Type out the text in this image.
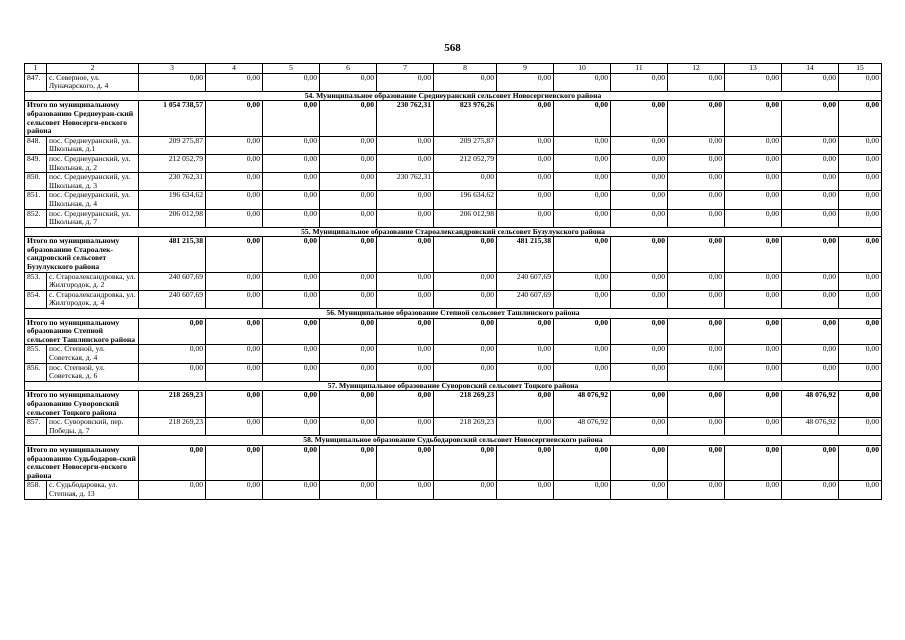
568
1	2	3	4	5	6	7	8	9	10	11	12	13	14	15
847.	с. Северное, ул. Луначарского, д. 4	0,00	0,00	0,00	0,00	0,00	0,00	0,00	0,00	0,00	0,00	0,00	0,00	0,00
54. Муниципальное образование Среднеуранский сельсовет Новосергиевского района														
Итого по муниципальному образованию Среднеуран-ский сельсовет Новосерги-евского района		1 054 738,57	0,00	0,00	0,00	230 762,31	823 976,26	0,00	0,00	0,00	0,00	0,00	0,00	0,00
848.	пос. Среднеуранский, ул. Школьная, д.1	209 275,87	0,00	0,00	0,00	0,00	209 275,87	0,00	0,00	0,00	0,00	0,00	0,00	0,00
849.	пос. Среднеуранский, ул. Школьная, д. 2	212 052,79	0,00	0,00	0,00	0,00	212 052,79	0,00	0,00	0,00	0,00	0,00	0,00	0,00
850.	пос. Среднеуранский, ул. Школьная, д. 3	230 762,31	0,00	0,00	0,00	230 762,31	0,00	0,00	0,00	0,00	0,00	0,00	0,00	0,00
851.	пос. Среднеуранский, ул. Школьная, д. 4	196 634,62	0,00	0,00	0,00	0,00	196 634,62	0,00	0,00	0,00	0,00	0,00	0,00	0,00
852.	пос. Среднеуранский, ул. Школьная, д. 7	206 012,98	0,00	0,00	0,00	0,00	206 012,98	0,00	0,00	0,00	0,00	0,00	0,00	0,00
55. Муниципальное образование Староалександровский сельсовет Бузулукского района														
Итого по муниципальному образованию Староалек-сандровский сельсовет Бузулукского района		481 215,38	0,00	0,00	0,00	0,00	0,00	481 215,38	0,00	0,00	0,00	0,00	0,00	0,00
853.	с. Староалександровка, ул. Жилгородок, д. 2	240 607,69	0,00	0,00	0,00	0,00	0,00	240 607,69	0,00	0,00	0,00	0,00	0,00	0,00
854.	с. Староалександровка, ул. Жилгородок, д. 4	240 607,69	0,00	0,00	0,00	0,00	0,00	240 607,69	0,00	0,00	0,00	0,00	0,00	0,00
56. Муниципальное образование Степной сельсовет Ташлинского района														
Итого по муниципальному образованию Степной сельсовет Ташлинского района		0,00	0,00	0,00	0,00	0,00	0,00	0,00	0,00	0,00	0,00	0,00	0,00	0,00
855.	пос. Степной, ул. Советская, д. 4	0,00	0,00	0,00	0,00	0,00	0,00	0,00	0,00	0,00	0,00	0,00	0,00	0,00
856.	пос. Степной, ул. Советская, д. 6	0,00	0,00	0,00	0,00	0,00	0,00	0,00	0,00	0,00	0,00	0,00	0,00	0,00
57. Муниципальное образование Суворовский сельсовет Тоцкого района														
Итого по муниципальному образованию Суворовский сельсовет Тоцкого района		218 269,23	0,00	0,00	0,00	0,00	218 269,23	0,00	48 076,92	0,00	0,00	0,00	48 076,92	0,00
857.	пос. Суворовский, пер. Победы, д. 7	218 269,23	0,00	0,00	0,00	0,00	218 269,23	0,00	48 076,92	0,00	0,00	0,00	48 076,92	0,00
58. Муниципальное образование Судьбодаровский сельсовет Новосергиевского района														
Итого по муниципальному образованию Судьбодаров-ский сельсовет Новосерги-евского района		0,00	0,00	0,00	0,00	0,00	0,00	0,00	0,00	0,00	0,00	0,00	0,00	0,00
858.	с. Судьбодаровка, ул. Степная, д. 13	0,00	0,00	0,00	0,00	0,00	0,00	0,00	0,00	0,00	0,00	0,00	0,00	0,00
